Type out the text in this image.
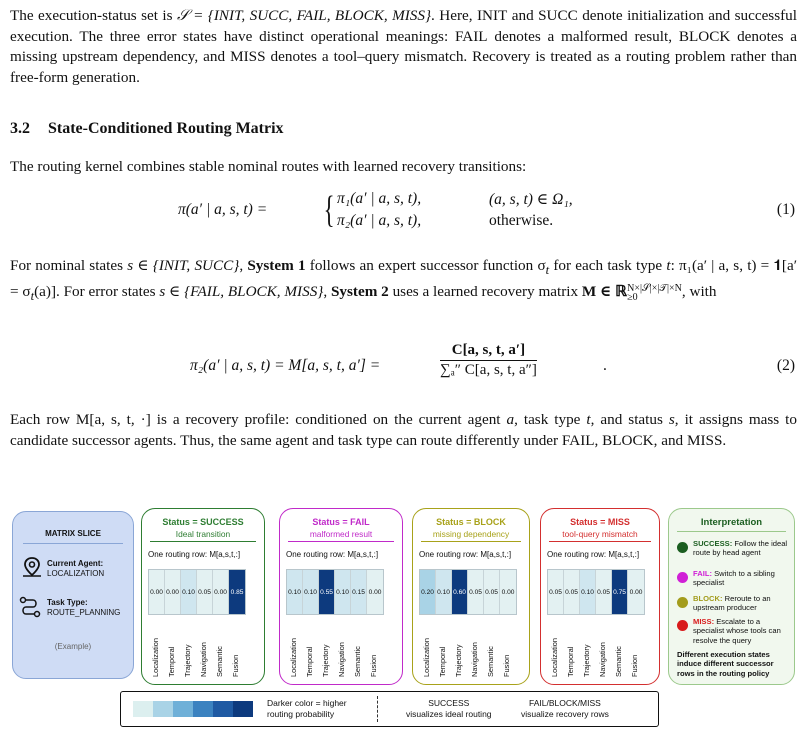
The execution-status set is 𝒮 = {INIT, SUCC, FAIL, BLOCK, MISS}. Here, INIT and SUCC denote initialization and successful execution. The three error states have distinct operational meanings: FAIL denotes a malformed result, BLOCK denotes a missing upstream dependency, and MISS denotes a tool–query mismatch. Recovery is treated as a routing problem rather than free-form generation.
3.2 State-Conditioned Routing Matrix
The routing kernel combines stable nominal routes with learned recovery transitions:
π(a′ | a, s, t) = { π₁(a′ | a, s, t),	(a, s, t) ∈ Ω₁,
π₂(a′ | a, s, t),	otherwise.
(1)
For nominal states s ∈ {INIT, SUCC}, System 1 follows an expert successor function $\sigma_t$ for each task type t: π₁(a′ | a, s, t) = 𝟏[a′ = $\sigma_t(a)$]. For error states s ∈ {FAIL, BLOCK, MISS}, System 2 uses a learned recovery matrix M ∈ ℝ N×|𝒮|×|𝒯|×N
≥0	, with
π₂(a′ | a, s, t) = M[a, s, t, a′] =	$\frac{C[a, s, t, a']}{\text{∑ₐ″ C[a, s, t, a″]}}$	.	(2)
Each row M[a, s, t, ·] is a recovery profile: conditioned on the current agent a, task type t, and status s, it assigns mass to candidate successor agents. Thus, the same agent and task type can route differently under FAIL, BLOCK, and MISS.
MATRIX SLICE
Current Agent:
LOCALIZATION
Task Type:
ROUTE_PLANNING
(Example)
Status = SUCCESS
Ideal transition
One routing row: M[a,s,t,:]
0.00 0.00 0.10 0.05 0.00 0.85
Localization Temporal Trajectory Navigation Semantic Fusion
Status = FAIL
malformed result
One routing row: M[a,s,t,:]
0.10 0.10 0.55 0.10 0.15 0.00
Localization Temporal Trajectory Navigation Semantic Fusion
Status = BLOCK
missing dependency
One routing row: M[a,s,t,:]
0.20 0.10 0.60 0.05 0.05 0.00
Localization Temporal Trajectory Navigation Semantic Fusion
Status = MISS
tool-query mismatch
One routing row: M[a,s,t,:]
0.05 0.05 0.10 0.05 0.75 0.00
Localization Temporal Trajectory Navigation Semantic Fusion
Interpretation
SUCCESS: Follow the ideal route by head agent
FAIL: Switch to a sibling specialist
BLOCK: Reroute to an upstream producer
MISS: Escalate to a specialist whose tools can resolve the query
Different execution states induce different successor rows in the routing policy
Darker color = higher
routing probability
SUCCESS
visualizes ideal routing
FAIL/BLOCK/MISS
visualize recovery rows
